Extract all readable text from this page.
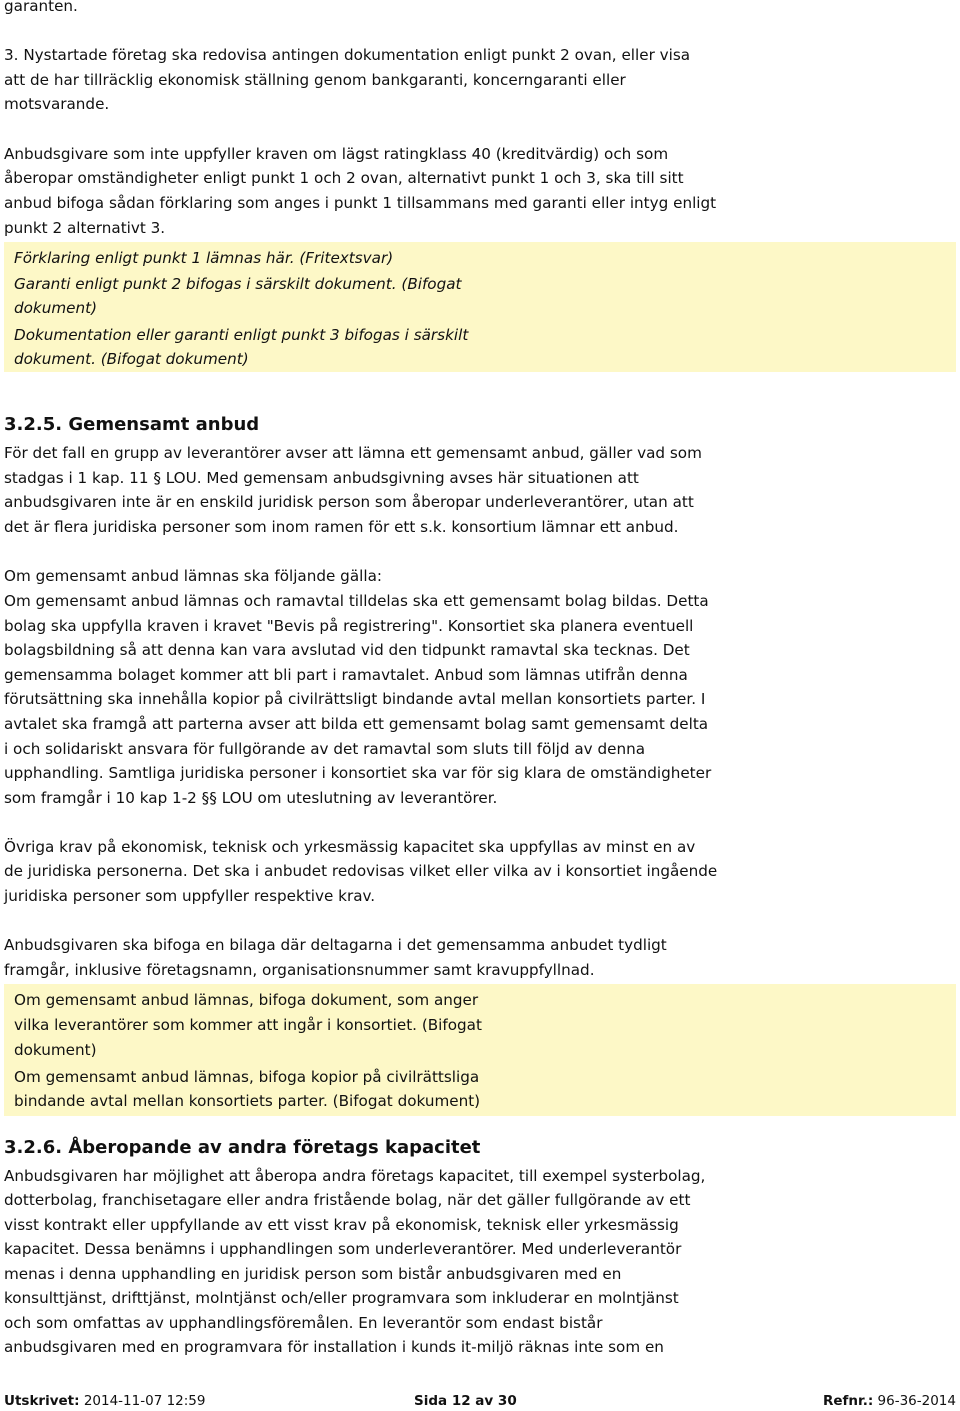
garanten.

3. Nystartade företag ska redovisa antingen dokumentation enligt punkt 2 ovan, eller visa

att de har tillräcklig ekonomisk ställning genom bankgaranti, koncerngaranti eller

motsvarande.

Anbudsgivare som inte uppfyller kraven om lägst ratingklass 40 (kreditvärdig) och som

åberopar omständigheter enligt punkt 1 och 2 ovan, alternativt punkt 1 och 3, ska till sitt

anbud bifoga sådan förklaring som anges i punkt 1 tillsammans med garanti eller intyg enligt

punkt 2 alternativt 3.

Förklaring enligt punkt 1 lämnas här. (Fritextsvar)
Garanti enligt punkt 2 bifogas i särskilt dokument. (Bifogat
dokument)
Dokumentation eller garanti enligt punkt 3 bifogas i särskilt
dokument. (Bifogat dokument)
3.2.5. Gemensamt anbud

För det fall en grupp av leverantörer avser att lämna ett gemensamt anbud, gäller vad som

stadgas i 1 kap. 11 § LOU. Med gemensam anbudsgivning avses här situationen att

anbudsgivaren inte är en enskild juridisk person som åberopar underleverantörer, utan att

det är flera juridiska personer som inom ramen för ett s.k. konsortium lämnar ett anbud.

Om gemensamt anbud lämnas ska följande gälla:

Om gemensamt anbud lämnas och ramavtal tilldelas ska ett gemensamt bolag bildas. Detta

bolag ska uppfylla kraven i kravet "Bevis på registrering". Konsortiet ska planera eventuell

bolagsbildning så att denna kan vara avslutad vid den tidpunkt ramavtal ska tecknas. Det

gemensamma bolaget kommer att bli part i ramavtalet. Anbud som lämnas utifrån denna

förutsättning ska innehålla kopior på civilrättsligt bindande avtal mellan konsortiets parter. I

avtalet ska framgå att parterna avser att bilda ett gemensamt bolag samt gemensamt delta

i och solidariskt ansvara för fullgörande av det ramavtal som sluts till följd av denna

upphandling. Samtliga juridiska personer i konsortiet ska var för sig klara de omständigheter

som framgår i 10 kap 1-2 §§ LOU om uteslutning av leverantörer.

Övriga krav på ekonomisk, teknisk och yrkesmässig kapacitet ska uppfyllas av minst en av

de juridiska personerna. Det ska i anbudet redovisas vilket eller vilka av i konsortiet ingående

juridiska personer som uppfyller respektive krav.

Anbudsgivaren ska bifoga en bilaga där deltagarna i det gemensamma anbudet tydligt

framgår, inklusive företagsnamn, organisationsnummer samt kravuppfyllnad.

Om gemensamt anbud lämnas, bifoga dokument, som anger
vilka leverantörer som kommer att ingår i konsortiet. (Bifogat
dokument)
Om gemensamt anbud lämnas, bifoga kopior på civilrättsliga
bindande avtal mellan konsortiets parter. (Bifogat dokument)
3.2.6. Åberopande av andra företags kapacitet

Anbudsgivaren har möjlighet att åberopa andra företags kapacitet, till exempel systerbolag,

dotterbolag, franchisetagare eller andra fristående bolag, när det gäller fullgörande av ett

visst kontrakt eller uppfyllande av ett visst krav på ekonomisk, teknisk eller yrkesmässig

kapacitet. Dessa benämns i upphandlingen som underleverantörer. Med underleverantör

menas i denna upphandling en juridisk person som bistår anbudsgivaren med en

konsulttjänst, drifttjänst, molntjänst och/eller programvara som inkluderar en molntjänst

och som omfattas av upphandlingsföremålen. En leverantör som endast bistår

anbudsgivaren med en programvara för installation i kunds it-miljö räknas inte som en

Utskrivet: 2014-11-07 12:59	Sida 12 av 30	Refnr.: 96-36-2014
